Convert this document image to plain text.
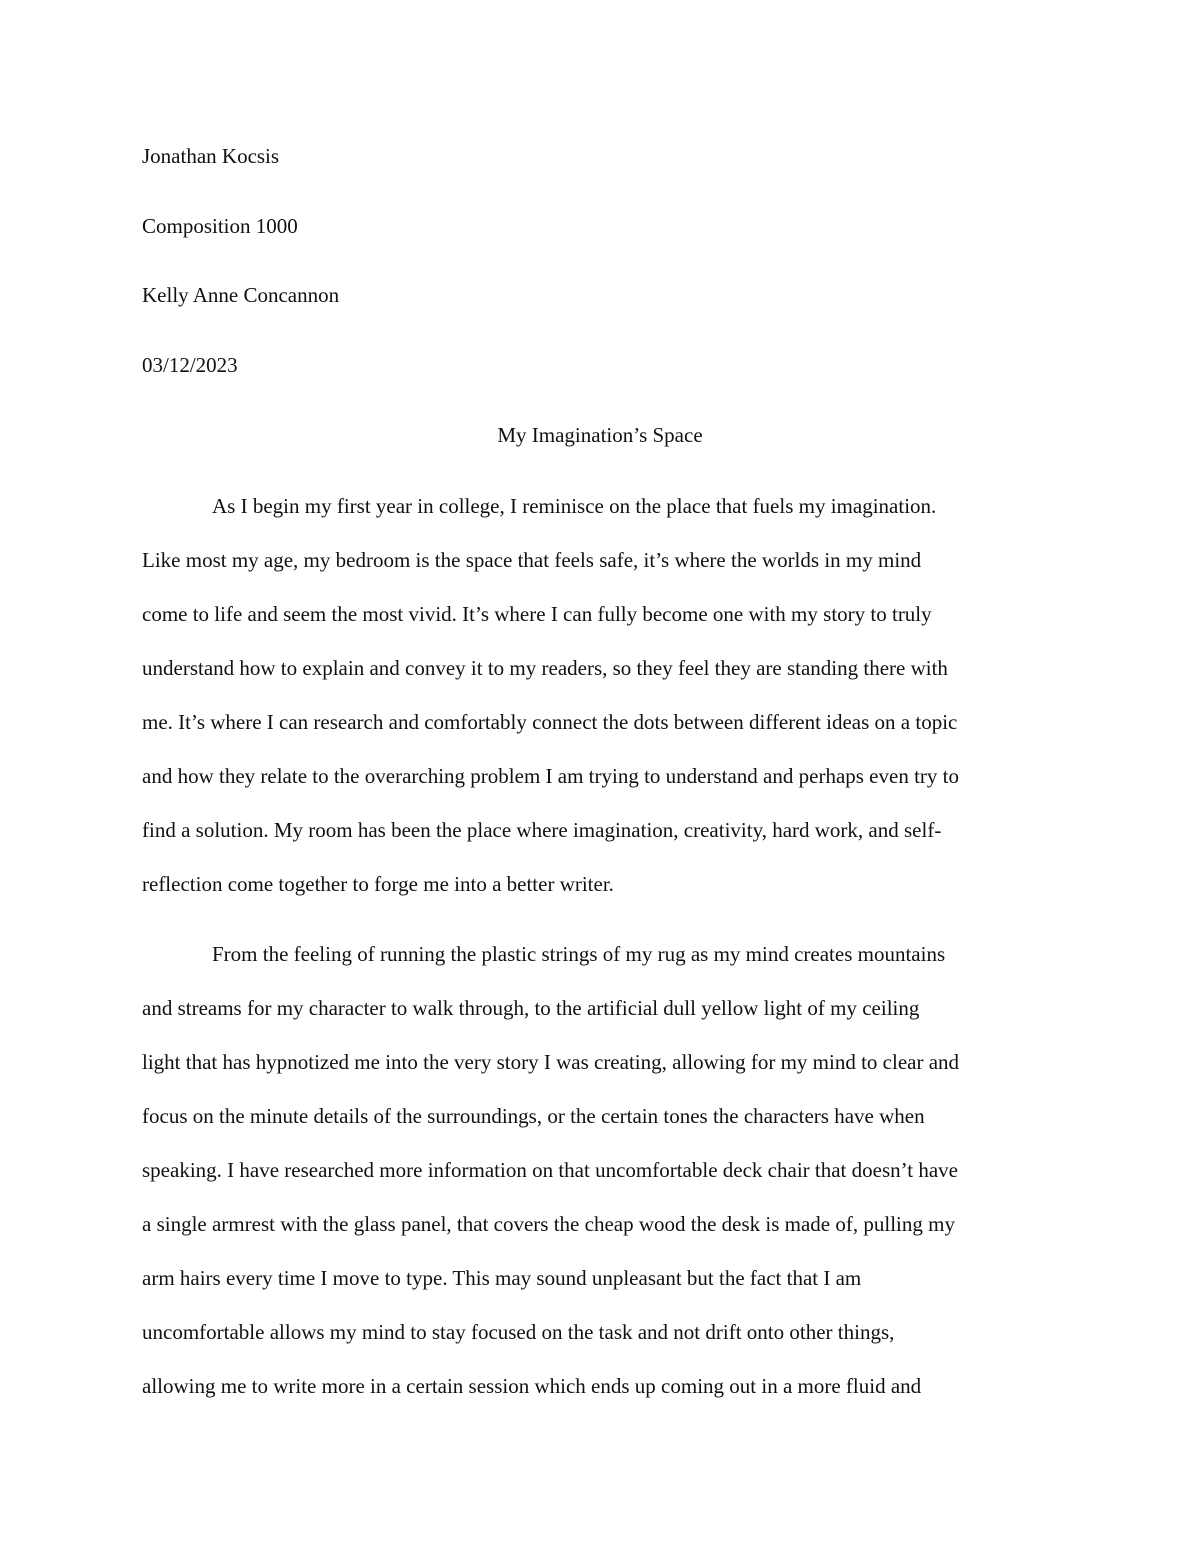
Jonathan Kocsis
Composition 1000
Kelly Anne Concannon
03/12/2023
My Imagination’s Space
As I begin my first year in college, I reminisce on the place that fuels my imagination.
Like most my age, my bedroom is the space that feels safe, it’s where the worlds in my mind
come to life and seem the most vivid. It’s where I can fully become one with my story to truly
understand how to explain and convey it to my readers, so they feel they are standing there with
me. It’s where I can research and comfortably connect the dots between different ideas on a topic
and how they relate to the overarching problem I am trying to understand and perhaps even try to
find a solution. My room has been the place where imagination, creativity, hard work, and self-
reflection come together to forge me into a better writer.
From the feeling of running the plastic strings of my rug as my mind creates mountains
and streams for my character to walk through, to the artificial dull yellow light of my ceiling
light that has hypnotized me into the very story I was creating, allowing for my mind to clear and
focus on the minute details of the surroundings, or the certain tones the characters have when
speaking. I have researched more information on that uncomfortable deck chair that doesn’t have
a single armrest with the glass panel, that covers the cheap wood the desk is made of, pulling my
arm hairs every time I move to type. This may sound unpleasant but the fact that I am
uncomfortable allows my mind to stay focused on the task and not drift onto other things,
allowing me to write more in a certain session which ends up coming out in a more fluid and
